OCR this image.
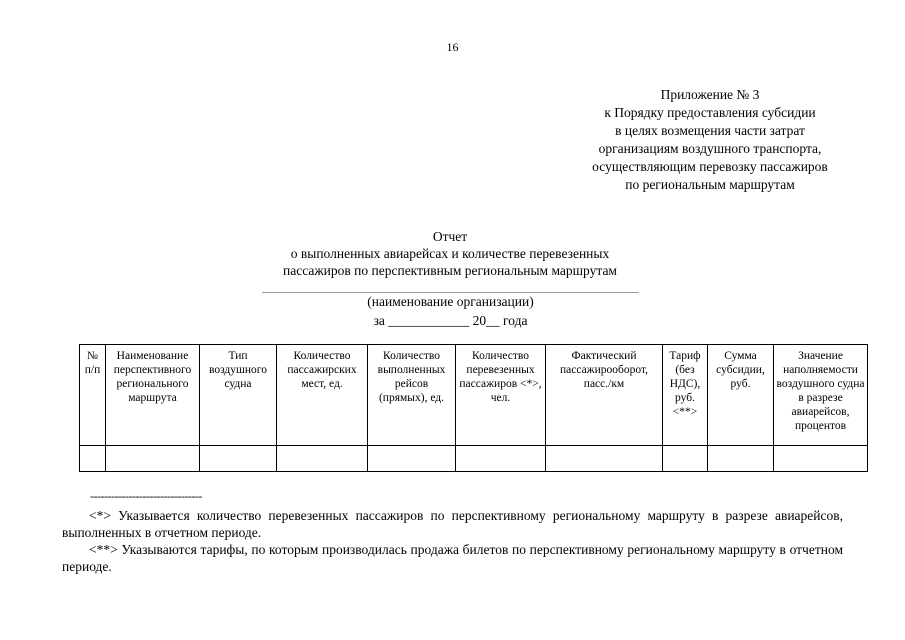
16
Приложение № 3
к Порядку предоставления субсидии
в целях возмещения части затрат
организациям воздушного транспорта,
осуществляющим перевозку пассажиров
по региональным маршрутам
Отчет
о выполненных авиарейсах и количестве перевезенных
пассажиров по перспективным региональным маршрутам
(наименование организации)
за ____________ 20__ года
№ п/п	Наименование перспективного регионального маршрута	Тип воздушного судна	Количество пассажирских мест, ед.	Количество выполненных рейсов (прямых), ед.	Количество перевезенных пассажиров <*>, чел.	Фактический пассажирооборот, пасс./км	Тариф (без НДС), руб. <**>	Сумма субсидии, руб.	Значение наполняемости воздушного судна в разрезе авиарейсов, процентов

--------------------------------
<*> Указывается количество перевезенных пассажиров по перспективному региональному маршруту в разрезе авиарейсов, выполненных в отчетном периоде.
<**> Указываются тарифы, по которым производилась продажа билетов по перспективному региональному маршруту в отчетном периоде.
